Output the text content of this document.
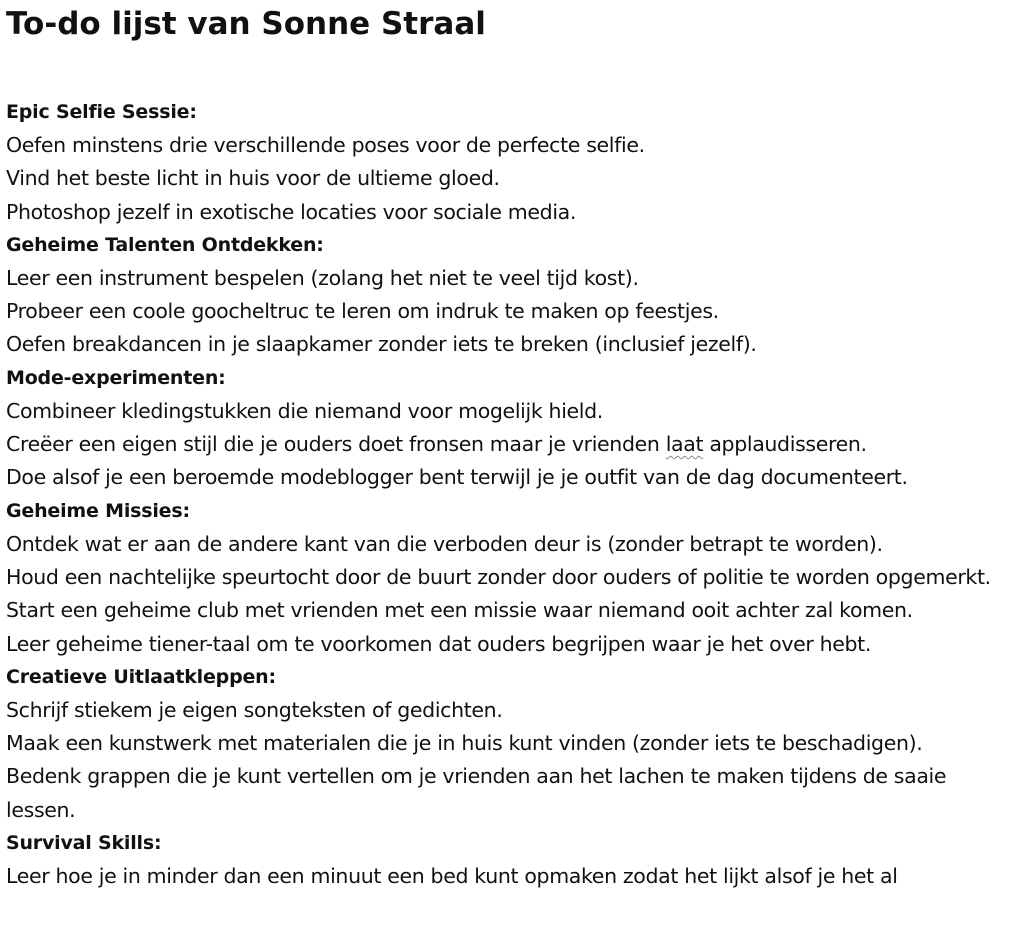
To-do lijst van Sonne Straal
Epic Selfie Sessie:
Oefen minstens drie verschillende poses voor de perfecte selfie.
Vind het beste licht in huis voor de ultieme gloed.
Photoshop jezelf in exotische locaties voor sociale media.
Geheime Talenten Ontdekken:
Leer een instrument bespelen (zolang het niet te veel tijd kost).
Probeer een coole goocheltruc te leren om indruk te maken op feestjes.
Oefen breakdancen in je slaapkamer zonder iets te breken (inclusief jezelf).
Mode-experimenten:
Combineer kledingstukken die niemand voor mogelijk hield.
Creëer een eigen stijl die je ouders doet fronsen maar je vrienden laat applaudisseren.
Doe alsof je een beroemde modeblogger bent terwijl je je outfit van de dag documenteert.
Geheime Missies:
Ontdek wat er aan de andere kant van die verboden deur is (zonder betrapt te worden).
Houd een nachtelijke speurtocht door de buurt zonder door ouders of politie te worden opgemerkt.
Start een geheime club met vrienden met een missie waar niemand ooit achter zal komen.
Leer geheime tiener-taal om te voorkomen dat ouders begrijpen waar je het over hebt.
Creatieve Uitlaatkleppen:
Schrijf stiekem je eigen songteksten of gedichten.
Maak een kunstwerk met materialen die je in huis kunt vinden (zonder iets te beschadigen).
Bedenk grappen die je kunt vertellen om je vrienden aan het lachen te maken tijdens de saaie lessen.
Survival Skills:
Leer hoe je in minder dan een minuut een bed kunt opmaken zodat het lijkt alsof je het al
